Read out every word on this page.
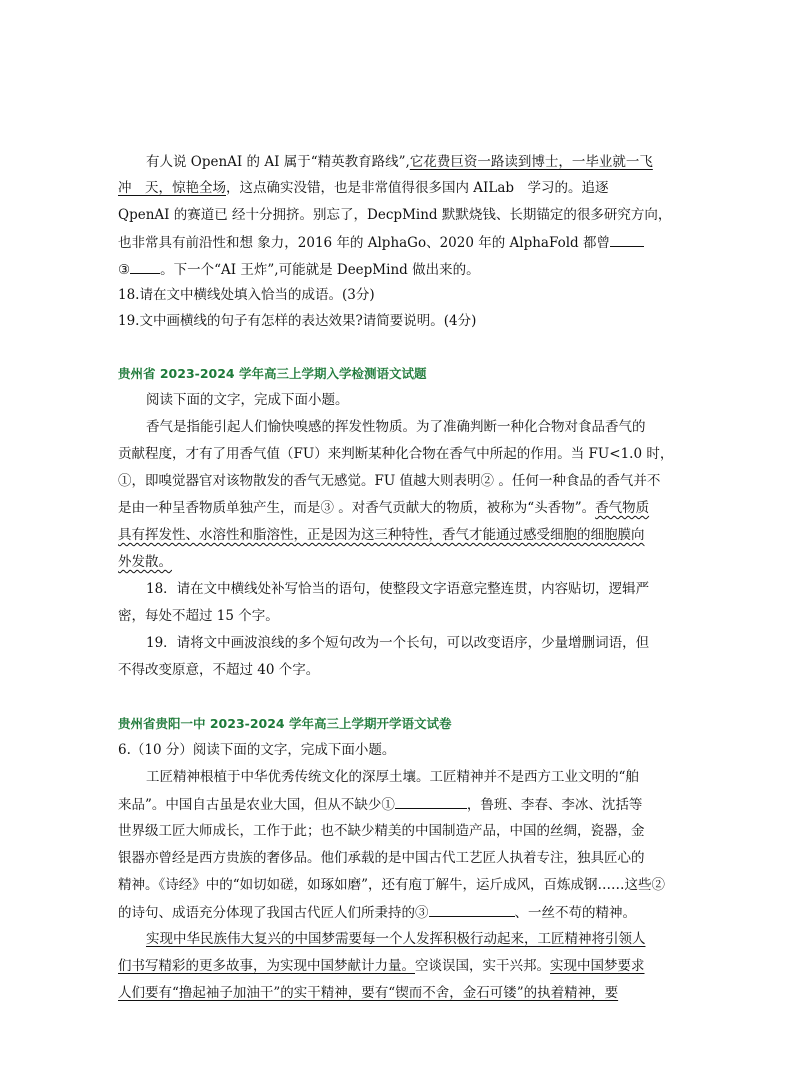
有人说 OpenAI 的 AI 属于“精英教育路线”,它花费巨资一路读到博士，一毕业就一飞
冲　天，惊艳全场，这点确实没错，也是非常值得很多国内 AILab　学习的。追逐
QpenAI 的赛道已 经十分拥挤。别忘了，DecpMind 默默烧钱、长期锚定的很多研究方向，
也非常具有前沿性和想 象力，2016 年的 AlphaGo、2020 年的 AlphaFold 都曾
③ 。下一个“AI 王炸”,可能就是 DeepMind 做出来的。
18.请在文中横线处填入恰当的成语。(3分)
19.文中画横线的句子有怎样的表达效果?请简要说明。(4分)
贵州省 2023-2024 学年高三上学期入学检测语文试题
阅读下面的文字，完成下面小题。
香气是指能引起人们愉快嗅感的挥发性物质。为了准确判断一种化合物对食品香气的
贡献程度，才有了用香气值（FU）来判断某种化合物在香气中所起的作用。当 FU<1.0 时，
①，即嗅觉器官对该物散发的香气无感觉。FU 值越大则表明② 。任何一种食品的香气并不
是由一种呈香物质单独产生，而是③ 。对香气贡献大的物质，被称为“头香物”。香气物质
具有挥发性、水溶性和脂溶性，正是因为这三种特性，香气才能通过感受细胞的细胞膜向
外发散。
18．请在文中横线处补写恰当的语句，使整段文字语意完整连贯，内容贴切，逻辑严
密，每处不超过 15 个字。
19．请将文中画波浪线的多个短句改为一个长句，可以改变语序，少量增删词语，但
不得改变原意，不超过 40 个字。
贵州省贵阳一中 2023-2024 学年高三上学期开学语文试卷
6.（10 分）阅读下面的文字，完成下面小题。
工匠精神根植于中华优秀传统文化的深厚土壤。工匠精神并不是西方工业文明的“舶
来品”。中国自古虽是农业大国，但从不缺少①	，鲁班、李春、李冰、沈括等
世界级工匠大师成长，工作于此；也不缺少精美的中国制造产品，中国的丝绸，瓷器，金
银器亦曾经是西方贵族的奢侈品。他们承载的是中国古代工艺匠人执着专注，独具匠心的
精神。《诗经》中的“如切如磋，如琢如磨”，还有庖丁解牛，运斤成风，百炼成钢……这些②
的诗句、成语充分体现了我国古代匠人们所秉持的③	、一丝不苟的精神。
实现中华民族伟大复兴的中国梦需要每一个人发挥积极行动起来，工匠精神将引领人
们书写精彩的更多故事，为实现中国梦献计力量。空谈误国，实干兴邦。实现中国梦要求
人们要有“撸起袖子加油干”的实干精神，要有“锲而不舍，金石可镂”的执着精神，要
